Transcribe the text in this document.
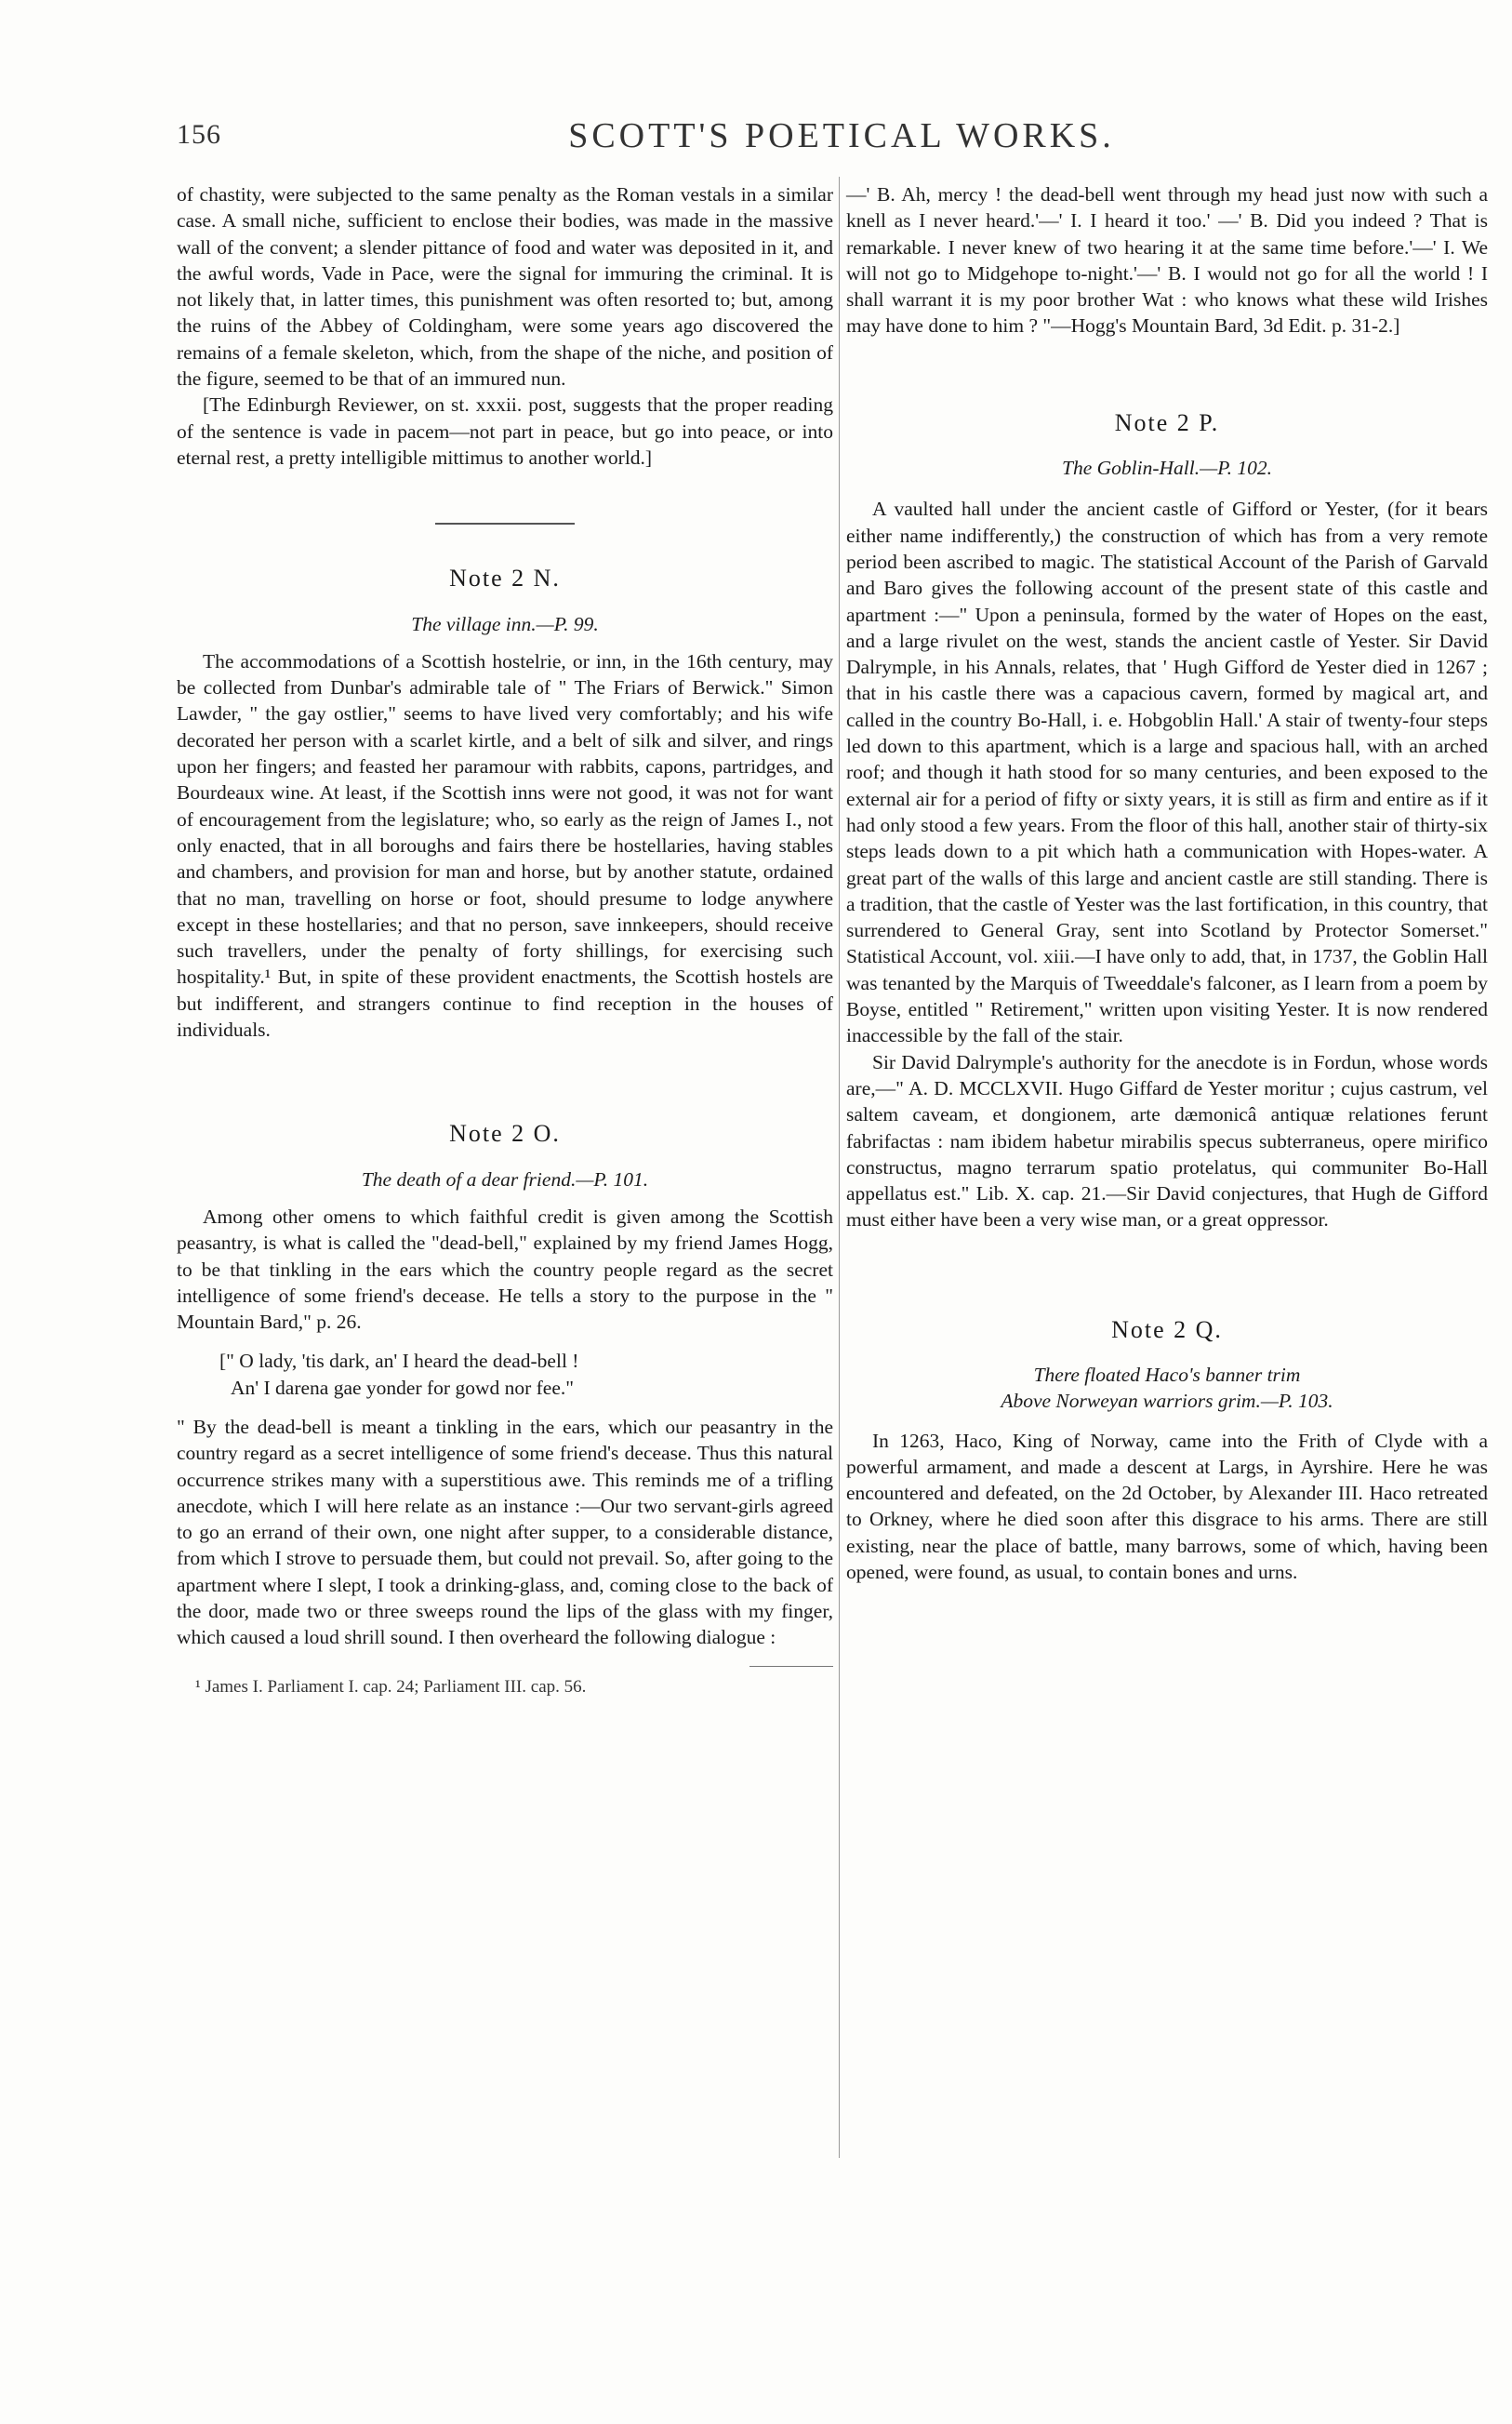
156	SCOTT'S POETICAL WORKS.

of chastity, were subjected to the same penalty as the Roman vestals in a similar case. A small niche, sufficient to enclose their bodies, was made in the massive wall of the convent; a slender pittance of food and water was deposited in it, and the awful words, Vade in Pace, were the signal for immuring the criminal. It is not likely that, in latter times, this punishment was often resorted to; but, among the ruins of the Abbey of Coldingham, were some years ago discovered the remains of a female skeleton, which, from the shape of the niche, and position of the figure, seemed to be that of an immured nun.

[The Edinburgh Reviewer, on st. xxxii. post, suggests that the proper reading of the sentence is vade in pacem—not part in peace, but go into peace, or into eternal rest, a pretty intelligible mittimus to another world.]

Note 2 N.

The village inn.—P. 99.

The accommodations of a Scottish hostelrie, or inn, in the 16th century, may be collected from Dunbar's admirable tale of " The Friars of Berwick." Simon Lawder, " the gay ostlier," seems to have lived very comfortably; and his wife decorated her person with a scarlet kirtle, and a belt of silk and silver, and rings upon her fingers; and feasted her paramour with rabbits, capons, partridges, and Bourdeaux wine. At least, if the Scottish inns were not good, it was not for want of encouragement from the legislature; who, so early as the reign of James I., not only enacted, that in all boroughs and fairs there be hostellaries, having stables and chambers, and provision for man and horse, but by another statute, ordained that no man, travelling on horse or foot, should presume to lodge anywhere except in these hostellaries; and that no person, save innkeepers, should receive such travellers, under the penalty of forty shillings, for exercising such hospitality.¹ But, in spite of these provident enactments, the Scottish hostels are but indifferent, and strangers continue to find reception in the houses of individuals.

Note 2 O.

The death of a dear friend.—P. 101.

Among other omens to which faithful credit is given among the Scottish peasantry, is what is called the "dead-bell," explained by my friend James Hogg, to be that tinkling in the ears which the country people regard as the secret intelligence of some friend's decease. He tells a story to the purpose in the " Mountain Bard," p. 26.

[" O lady, 'tis dark, an' I heard the dead-bell !

An' I darena gae yonder for gowd nor fee."

" By the dead-bell is meant a tinkling in the ears, which our peasantry in the country regard as a secret intelligence of some friend's decease. Thus this natural occurrence strikes many with a superstitious awe. This reminds me of a trifling anecdote, which I will here relate as an instance :—Our two servant-girls agreed to go an errand of their own, one night after supper, to a considerable distance, from which I strove to persuade them, but could not prevail. So, after going to the apartment where I slept, I took a drinking-glass, and, coming close to the back of the door, made two or three sweeps round the lips of the glass with my finger, which caused a loud shrill sound. I then overheard the following dialogue :

¹ James I. Parliament I. cap. 24; Parliament III. cap. 56.

—' B. Ah, mercy ! the dead-bell went through my head just now with such a knell as I never heard.'—' I. I heard it too.' —' B. Did you indeed ? That is remarkable. I never knew of two hearing it at the same time before.'—' I. We will not go to Midgehope to-night.'—' B. I would not go for all the world ! I shall warrant it is my poor brother Wat : who knows what these wild Irishes may have done to him ? "—Hogg's Mountain Bard, 3d Edit. p. 31-2.]

Note 2 P.

The Goblin-Hall.—P. 102.

A vaulted hall under the ancient castle of Gifford or Yester, (for it bears either name indifferently,) the construction of which has from a very remote period been ascribed to magic. The statistical Account of the Parish of Garvald and Baro gives the following account of the present state of this castle and apartment :—" Upon a peninsula, formed by the water of Hopes on the east, and a large rivulet on the west, stands the ancient castle of Yester. Sir David Dalrymple, in his Annals, relates, that ' Hugh Gifford de Yester died in 1267 ; that in his castle there was a capacious cavern, formed by magical art, and called in the country Bo-Hall, i. e. Hobgoblin Hall.' A stair of twenty-four steps led down to this apartment, which is a large and spacious hall, with an arched roof; and though it hath stood for so many centuries, and been exposed to the external air for a period of fifty or sixty years, it is still as firm and entire as if it had only stood a few years. From the floor of this hall, another stair of thirty-six steps leads down to a pit which hath a communication with Hopes-water. A great part of the walls of this large and ancient castle are still standing. There is a tradition, that the castle of Yester was the last fortification, in this country, that surrendered to General Gray, sent into Scotland by Protector Somerset." Statistical Account, vol. xiii.—I have only to add, that, in 1737, the Goblin Hall was tenanted by the Marquis of Tweeddale's falconer, as I learn from a poem by Boyse, entitled " Retirement," written upon visiting Yester. It is now rendered inaccessible by the fall of the stair.

Sir David Dalrymple's authority for the anecdote is in Fordun, whose words are,—" A. D. MCCLXVII. Hugo Giffard de Yester moritur ; cujus castrum, vel saltem caveam, et dongionem, arte dæmonicâ antiquæ relationes ferunt fabrifactas : nam ibidem habetur mirabilis specus subterraneus, opere mirifico constructus, magno terrarum spatio protelatus, qui communiter Bo-Hall appellatus est." Lib. X. cap. 21.—Sir David conjectures, that Hugh de Gifford must either have been a very wise man, or a great oppressor.

Note 2 Q.

There floated Haco's banner trim

Above Norweyan warriors grim.—P. 103.

In 1263, Haco, King of Norway, came into the Frith of Clyde with a powerful armament, and made a descent at Largs, in Ayrshire. Here he was encountered and defeated, on the 2d October, by Alexander III. Haco retreated to Orkney, where he died soon after this disgrace to his arms. There are still existing, near the place of battle, many barrows, some of which, having been opened, were found, as usual, to contain bones and urns.
